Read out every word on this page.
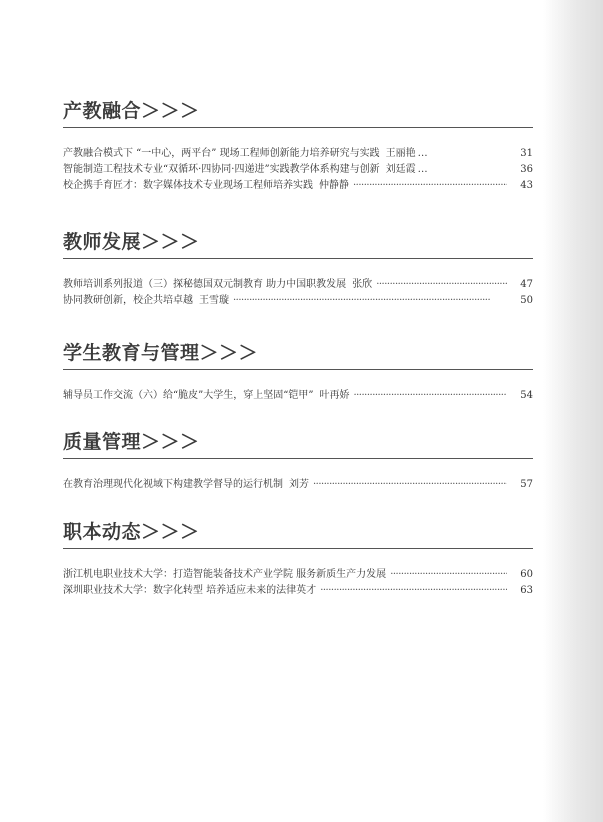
产教融合＞＞＞
产教融合模式下 “一中心，两平台” 现场工程师创新能力培养研究与实践 王丽艳 …	31
智能制造工程技术专业“双循环·四协同·四递进”实践教学体系构建与创新 刘廷霞 …	36
校企携手育匠才：数字媒体技术专业现场工程师培养实践 仲静静 ·····	43
教师发展＞＞＞
教师培训系列报道（三）探秘德国双元制教育 助力中国职教发展 张欣 ·····	47
协同教研创新，校企共培卓越 王雪璇 ·····	50
学生教育与管理＞＞＞
辅导员工作交流（六）给“脆皮”大学生，穿上坚固“铠甲” 叶再娇 ·····	54
质量管理＞＞＞
在教育治理现代化视域下构建教学督导的运行机制 刘芳 ·····	57
职本动态＞＞＞
浙江机电职业技术大学：打造智能装备技术产业学院 服务新质生产力发展 ·····	60
深圳职业技术大学：数字化转型 培养适应未来的法律英才 ·····	63
